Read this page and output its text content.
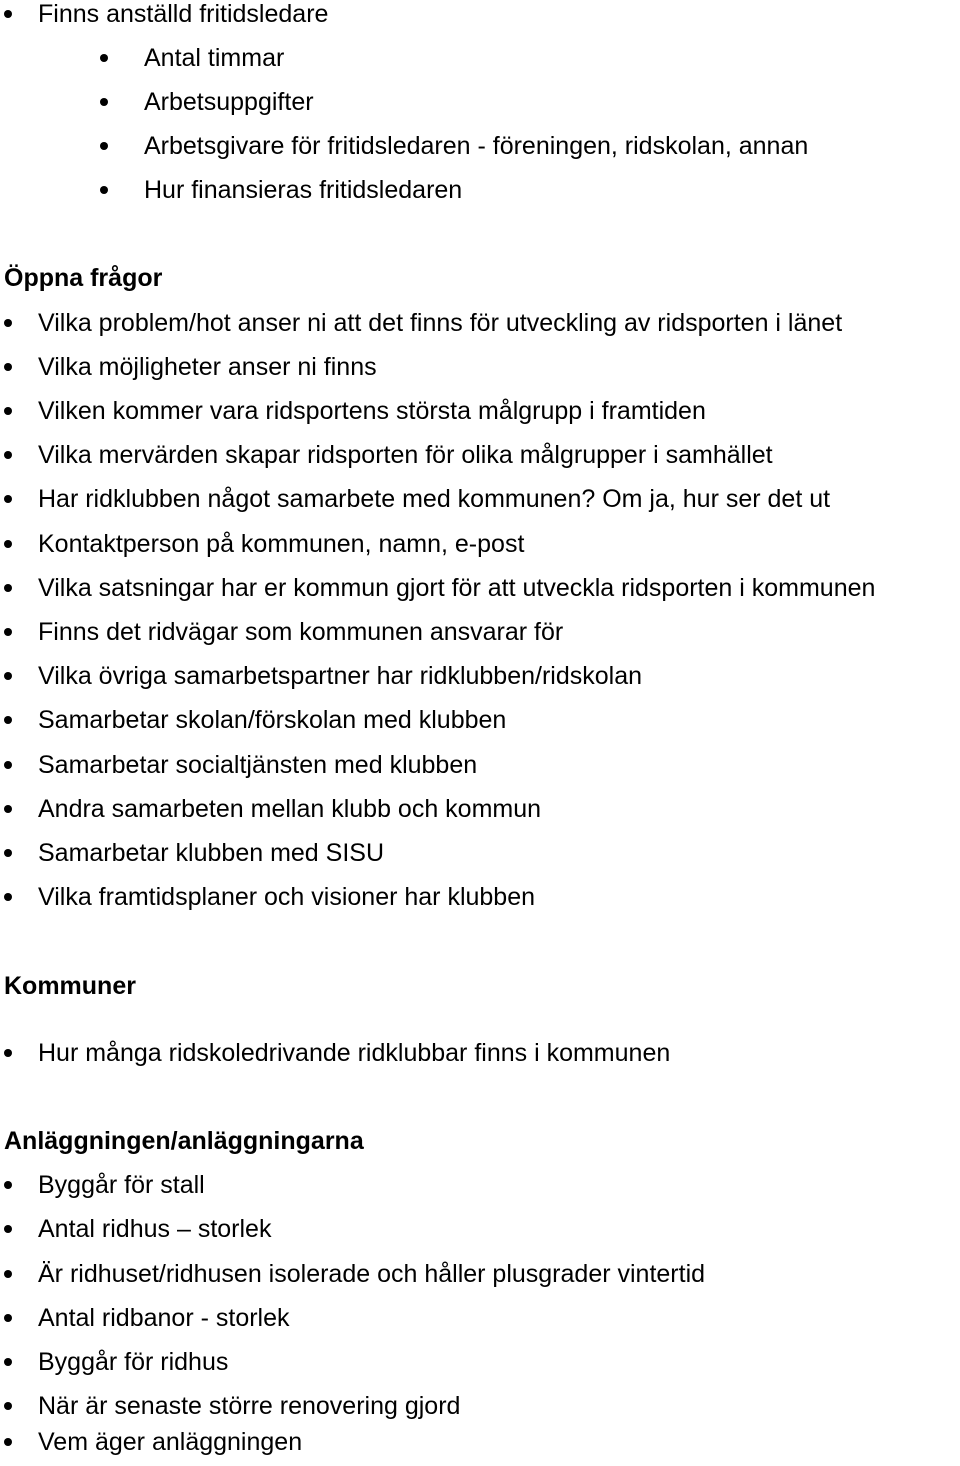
Finns anställd fritidsledare
Antal timmar
Arbetsuppgifter
Arbetsgivare för fritidsledaren - föreningen, ridskolan, annan
Hur finansieras fritidsledaren
Öppna frågor
Vilka problem/hot anser ni att det finns för utveckling av ridsporten i länet
Vilka möjligheter anser ni finns
Vilken kommer vara ridsportens största målgrupp i framtiden
Vilka mervärden skapar ridsporten för olika målgrupper i samhället
Har ridklubben något samarbete med kommunen? Om ja, hur ser det ut
Kontaktperson på kommunen, namn, e-post
Vilka satsningar har er kommun gjort för att utveckla ridsporten i kommunen
Finns det ridvägar som kommunen ansvarar för
Vilka övriga samarbetspartner har ridklubben/ridskolan
Samarbetar skolan/förskolan med klubben
Samarbetar socialtjänsten med klubben
Andra samarbeten mellan klubb och kommun
Samarbetar klubben med SISU
Vilka framtidsplaner och visioner har klubben
Kommuner
Hur många ridskoledrivande ridklubbar finns i kommunen
Anläggningen/anläggningarna
Byggår för stall
Antal ridhus – storlek
Är ridhuset/ridhusen isolerade och håller plusgrader vintertid
Antal ridbanor - storlek
Byggår för ridhus
När är senaste större renovering gjord
Vem äger anläggningen
